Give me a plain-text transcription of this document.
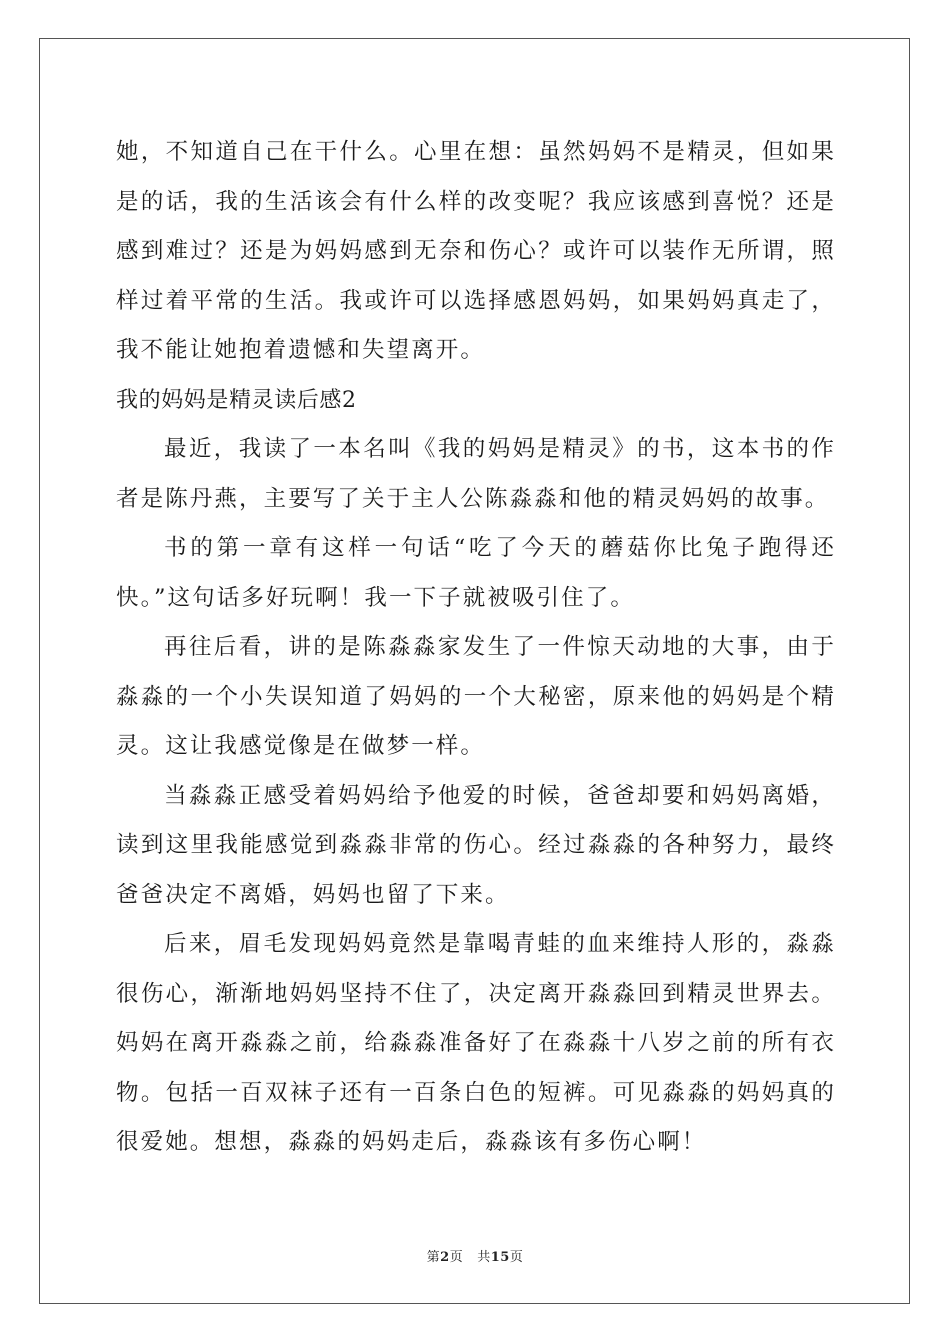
她，不知道自己在干什么。心里在想：虽然妈妈不是精灵，但如果是的话，我的生活该会有什么样的改变呢？我应该感到喜悦？还是感到难过？还是为妈妈感到无奈和伤心？或许可以装作无所谓，照样过着平常的生活。我或许可以选择感恩妈妈，如果妈妈真走了，我不能让她抱着遗憾和失望离开。

我的妈妈是精灵读后感2

最近，我读了一本名叫《我的妈妈是精灵》的书，这本书的作者是陈丹燕，主要写了关于主人公陈淼淼和他的精灵妈妈的故事。

书的第一章有这样一句话“吃了今天的蘑菇你比兔子跑得还快。”这句话多好玩啊！我一下子就被吸引住了。

再往后看，讲的是陈淼淼家发生了一件惊天动地的大事，由于淼淼的一个小失误知道了妈妈的一个大秘密，原来他的妈妈是个精灵。这让我感觉像是在做梦一样。

当淼淼正感受着妈妈给予他爱的时候，爸爸却要和妈妈离婚，读到这里我能感觉到淼淼非常的伤心。经过淼淼的各种努力，最终爸爸决定不离婚，妈妈也留了下来。

后来，眉毛发现妈妈竟然是靠喝青蛙的血来维持人形的，淼淼很伤心，渐渐地妈妈坚持不住了，决定离开淼淼回到精灵世界去。妈妈在离开淼淼之前，给淼淼准备好了在淼淼十八岁之前的所有衣物。包括一百双袜子还有一百条白色的短裤。可见淼淼的妈妈真的很爱她。想想，淼淼的妈妈走后，淼淼该有多伤心啊！

第2页 共15页
